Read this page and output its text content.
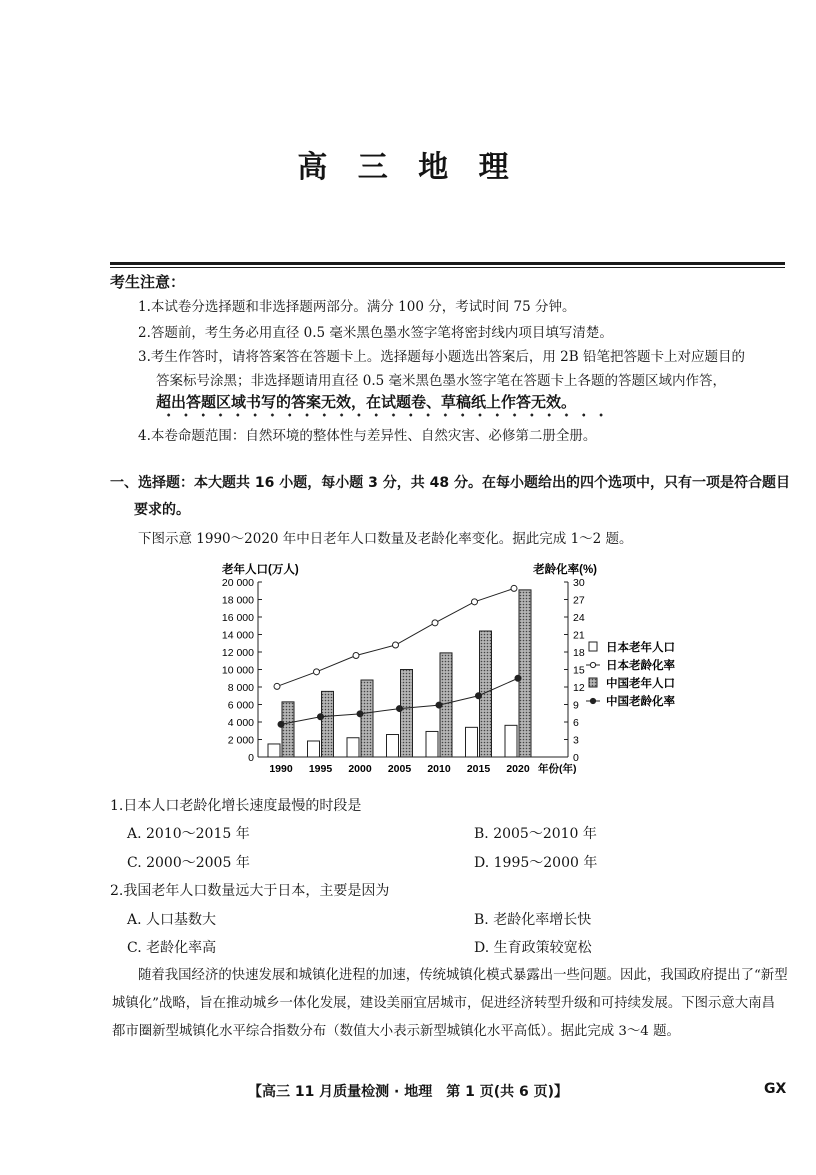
高 三 地 理
考生注意：
1.本试卷分选择题和非选择题两部分。满分 100 分，考试时间 75 分钟。
2.答题前，考生务必用直径 0.5 毫米黑色墨水签字笔将密封线内项目填写清楚。
3.考生作答时，请将答案答在答题卡上。选择题每小题选出答案后，用 2B 铅笔把答题卡上对应题目的
答案标号涂黑；非选择题请用直径 0.5 毫米黑色墨水签字笔在答题卡上各题的答题区域内作答，
超出答题区域书写的答案无效，在试题卷、草稿纸上作答无效。
4.本卷命题范围：自然环境的整体性与差异性、自然灾害、必修第二册全册。
一、选择题：本大题共 16 小题，每小题 3 分，共 48 分。在每小题给出的四个选项中，只有一项是符合题目
要求的。
下图示意 1990～2020 年中日老年人口数量及老龄化率变化。据此完成 1～2 题。
老年人口(万人)	老龄化率(%)
0
2 000
4 000
6 000
8 000
10 000
12 000
14 000
16 000
18 000
20 000
0
3
6
9
12
15
18
21
24
27
30
1990 1995 2000 2005 2010 2015 2020 年份(年)
日本老年人口
日本老龄化率
中国老年人口
中国老龄化率
1.日本人口老龄化增长速度最慢的时段是
A. 2010～2015 年	B. 2005～2010 年
C. 2000～2005 年	D. 1995～2000 年
2.我国老年人口数量远大于日本，主要是因为
A. 人口基数大	B. 老龄化率增长快
C. 老龄化率高	D. 生育政策较宽松
随着我国经济的快速发展和城镇化进程的加速，传统城镇化模式暴露出一些问题。因此，我国政府提出了“新型城镇化”战略，旨在推动城乡一体化发展，建设美丽宜居城市，促进经济转型升级和可持续发展。下图示意大南昌都市圈新型城镇化水平综合指数分布（数值大小表示新型城镇化水平高低）。据此完成 3～4 题。
【高三 11 月质量检测 · 地理　第 1 页(共 6 页)】	GX
